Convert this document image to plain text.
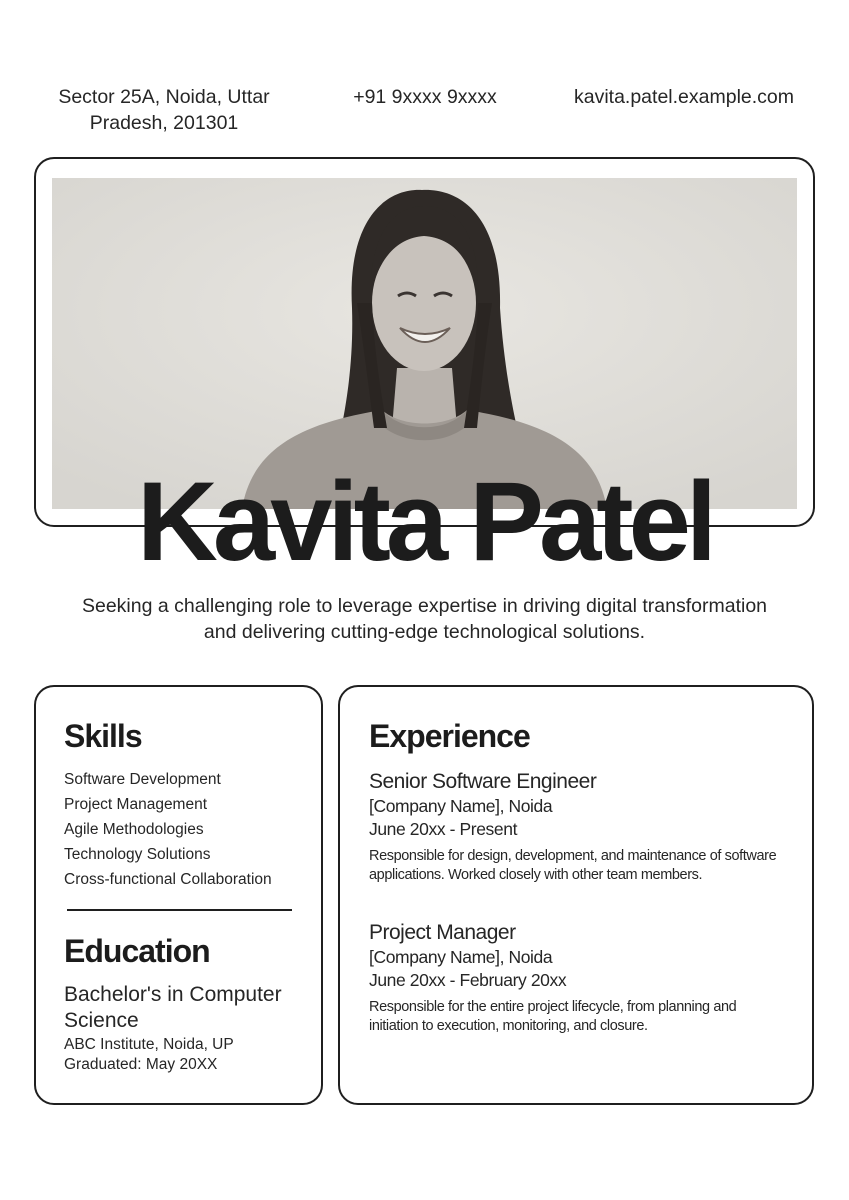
Sector 25A, Noida, Uttar Pradesh, 201301
+91 9xxxx 9xxxx	kavita.patel.example.com
Kavita Patel
Seeking a challenging role to leverage expertise in driving digital transformation and delivering cutting-edge technological solutions.
Skills
Software Development
Project Management
Agile Methodologies
Technology Solutions
Cross-functional Collaboration
Education
Bachelor's in Computer Science
ABC Institute, Noida, UP
Graduated: May 20XX
Experience
Senior Software Engineer
[Company Name], Noida
June 20xx - Present
Responsible for design, development, and maintenance of software applications. Worked closely with other team members.
Project Manager
[Company Name], Noida
June 20xx - February 20xx
Responsible for the entire project lifecycle, from planning and initiation to execution, monitoring, and closure.
